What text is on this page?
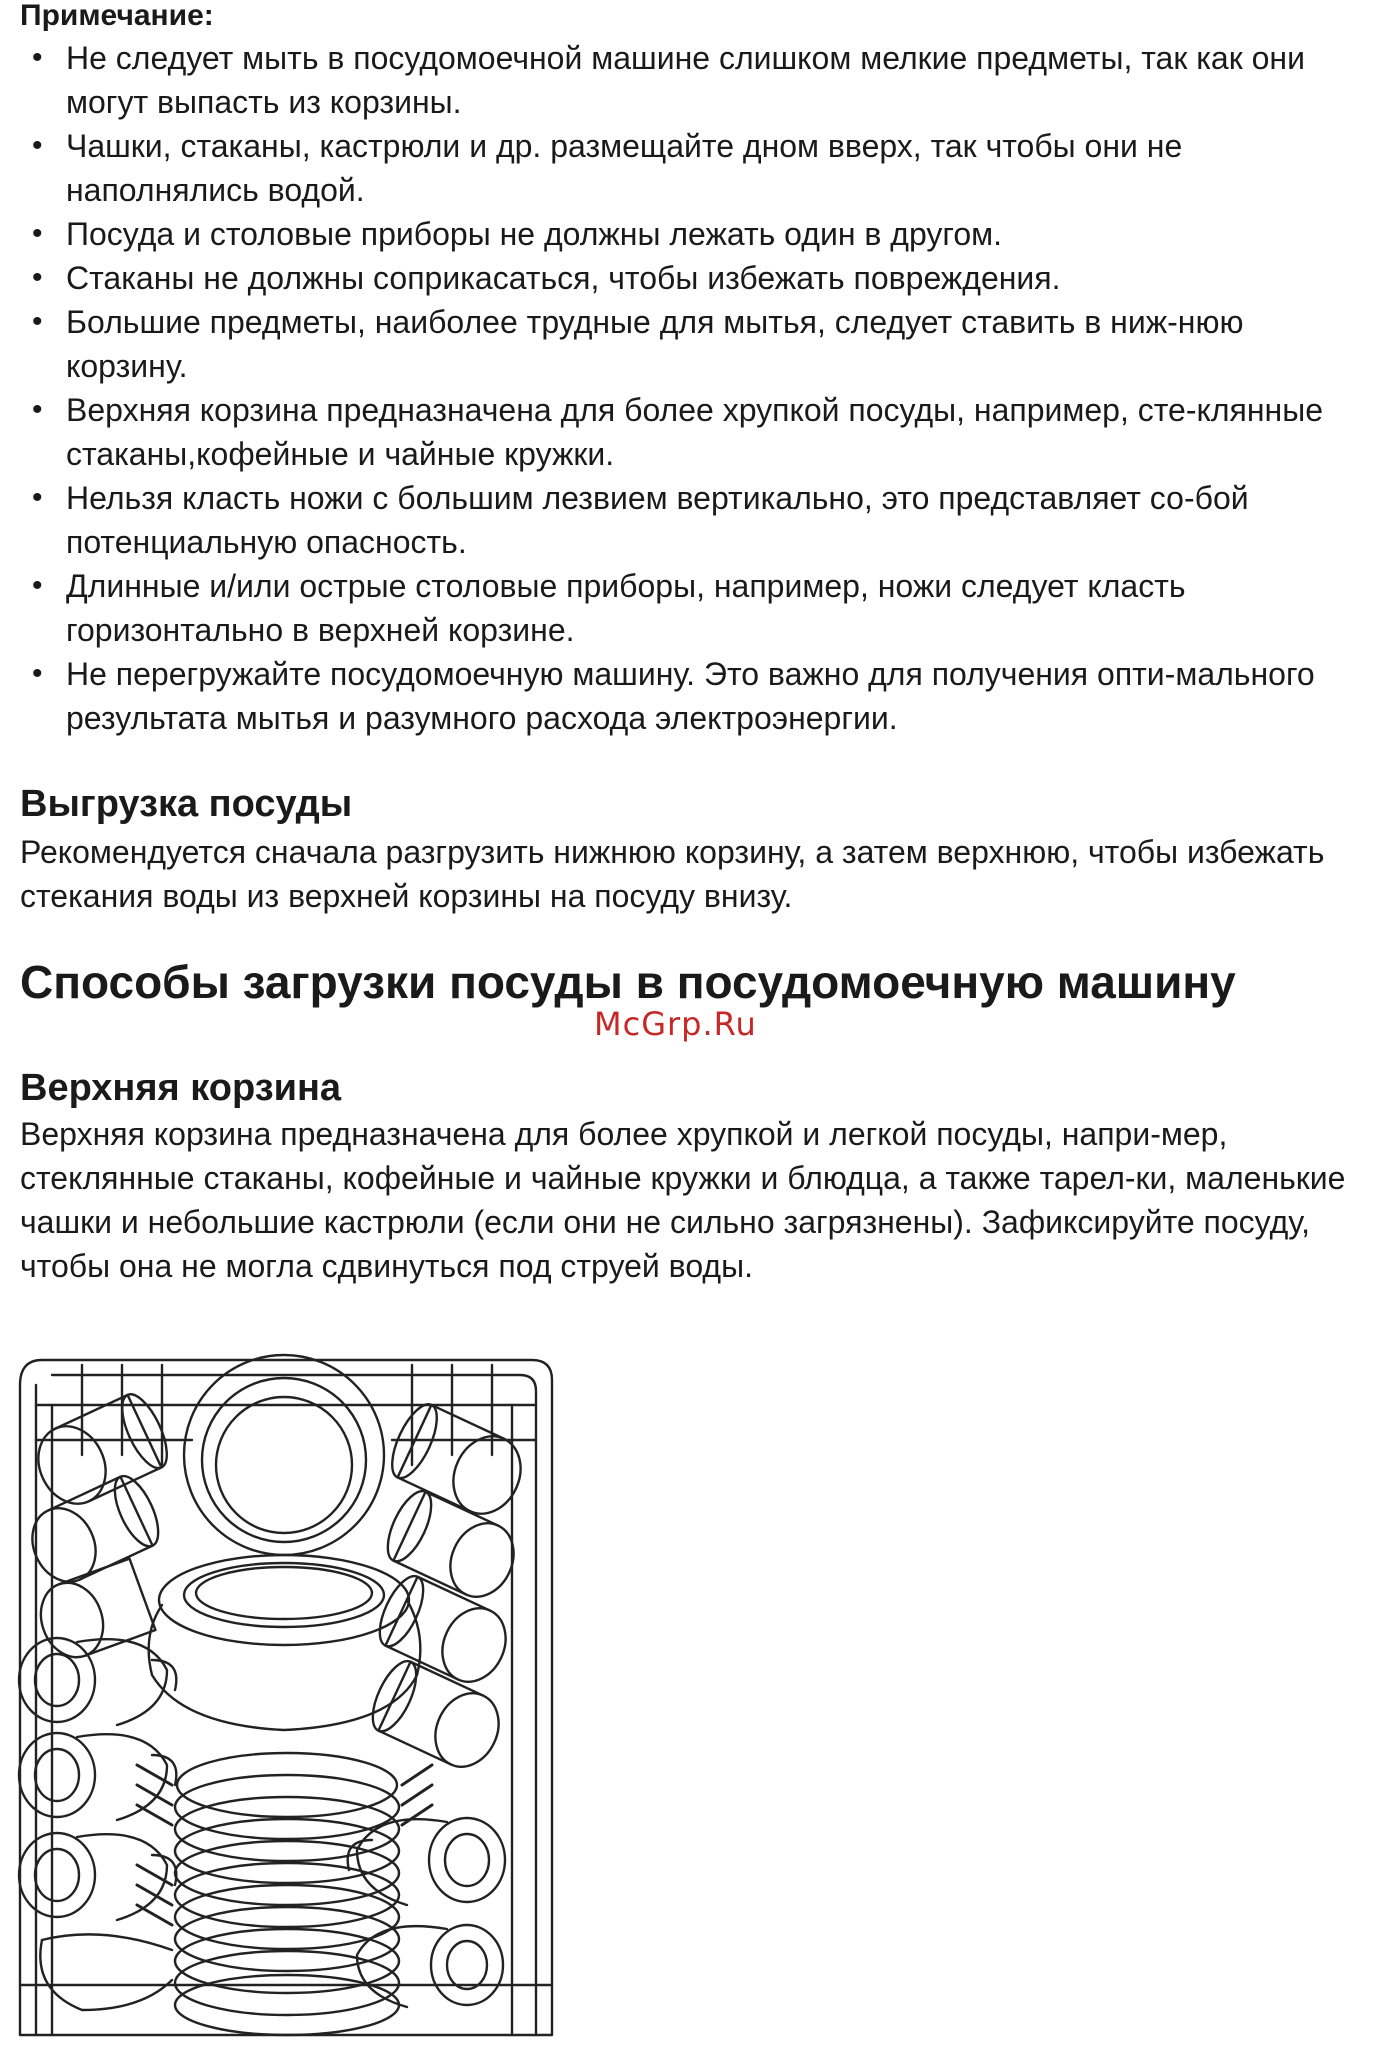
Примечание:
• Не следует мыть в посудомоечной машине слишком мелкие предметы, так как они могут выпасть из корзины.
• Чашки, стаканы, кастрюли и др. размещайте дном вверх, так чтобы они не наполнялись водой.
• Посуда и столовые приборы не должны лежать один в другом.
• Стаканы не должны соприкасаться, чтобы избежать повреждения.
• Большие предметы, наиболее трудные для мытья, следует ставить в ниж-нюю корзину.
• Верхняя корзина предназначена для более хрупкой посуды, например, сте-клянные стаканы,кофейные и чайные кружки.
• Нельзя класть ножи с большим лезвием вертикально, это представляет со-бой потенциальную опасность.
• Длинные и/или острые столовые приборы, например, ножи следует класть горизонтально в верхней корзине.
• Не перегружайте посудомоечную машину. Это важно для получения опти-мального результата мытья и разумного расхода электроэнергии.
Выгрузка посуды

Рекомендуется сначала разгрузить нижнюю корзину, а затем верхнюю, чтобы избежать стекания воды из верхней корзины на посуду внизу.

Способы загрузки посуды в посудомоечную машину
McGrp.Ru
Верхняя корзина

Верхняя корзина предназначена для более хрупкой и легкой посуды, напри-мер, стеклянные стаканы, кофейные и чайные кружки и блюдца, а также тарел-ки, маленькие чашки и небольшие кастрюли (если они не сильно загрязнены). Зафиксируйте посуду, чтобы она не могла сдвинуться под струей воды.
